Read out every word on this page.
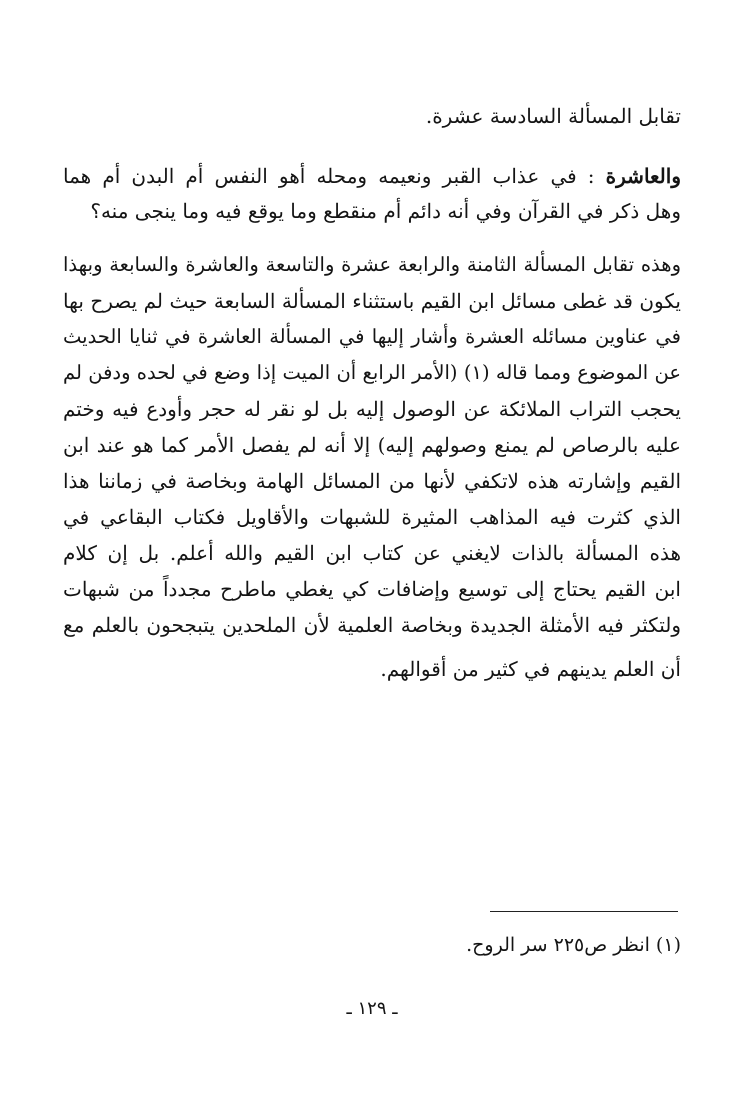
تقابل المسألة السادسة عشرة.
والعاشرة : في عذاب القبر ونعيمه ومحله أهو النفس أم البدن أم هما
وهل ذكر في القرآن وفي أنه دائم أم منقطع وما يوقع فيه وما ينجى منه؟
وهذه تقابل المسألة الثامنة والرابعة عشرة والتاسعة والعاشرة والسابعة وبهذا
يكون قد غطى مسائل ابن القيم باستثناء المسألة السابعة حيث لم يصرح بها
في عناوين مسائله العشرة وأشار إليها في المسألة العاشرة في ثنايا الحديث
عن الموضوع ومما قاله (١) (الأمر الرابع أن الميت إذا وضع في لحده ودفن لم
يحجب التراب الملائكة عن الوصول إليه بل لو نقر له حجر وأودع فيه وختم
عليه بالرصاص لم يمنع وصولهم إليه) إلا أنه لم يفصل الأمر كما هو عند ابن
القيم وإشارته هذه لاتكفي لأنها من المسائل الهامة وبخاصة في زماننا هذا
الذي كثرت فيه المذاهب المثيرة للشبهات والأقاويل فكتاب البقاعي في
هذه المسألة بالذات لايغني عن كتاب ابن القيم والله أعلم. بل إن كلام
ابن القيم يحتاج إلى توسيع وإضافات كي يغطي ماطرح مجدداً من شبهات
ولتكثر فيه الأمثلة الجديدة وبخاصة العلمية لأن الملحدين يتبجحون بالعلم مع
أن العلم يدينهم في كثير من أقوالهم.
(١) انظر ص٢٢٥ سر الروح.
ـ ١٢٩ ـ
